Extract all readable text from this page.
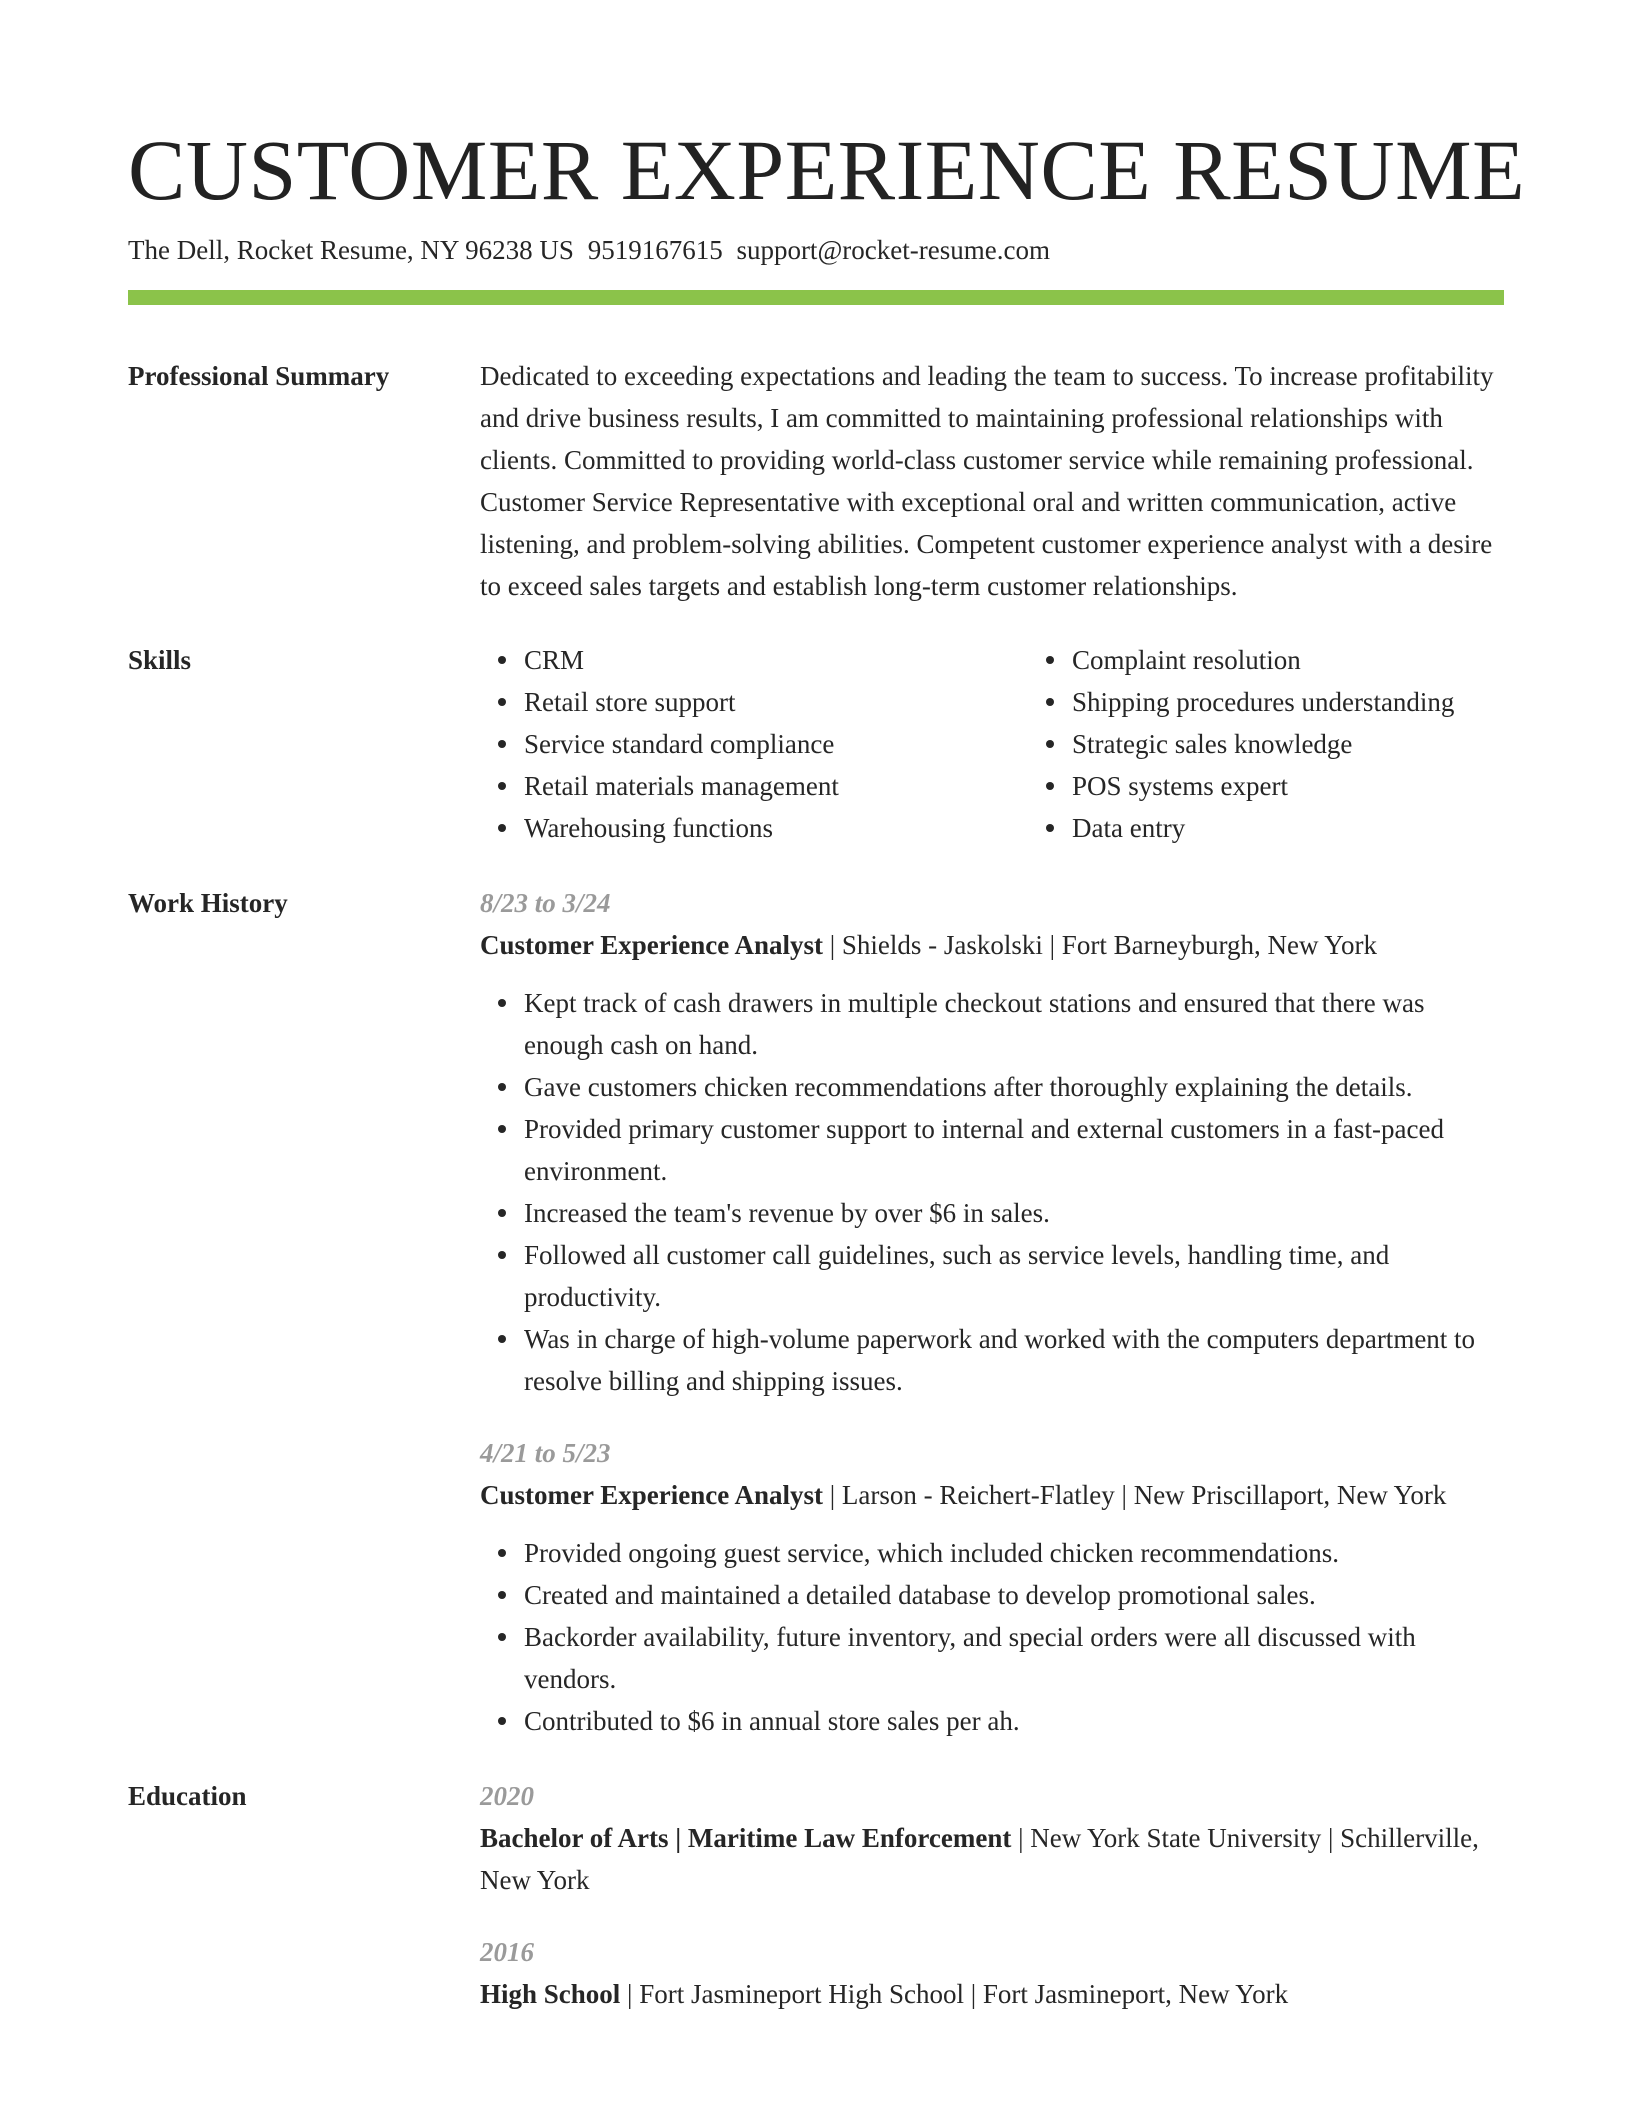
CUSTOMER EXPERIENCE RESUME
The Dell, Rocket Resume, NY 96238 US 9519167615 support@rocket-resume.com
Professional Summary	Dedicated to exceeding expectations and leading the team to success. To increase profitability and drive business results, I am committed to maintaining professional relationships with clients. Committed to providing world-class customer service while remaining professional. Customer Service Representative with exceptional oral and written communication, active listening, and problem-solving abilities. Competent customer experience analyst with a desire to exceed sales targets and establish long-term customer relationships.

Skills	CRM
Retail store support
Service standard compliance
Retail materials management
Warehousing functions
Complaint resolution
Shipping procedures understanding
Strategic sales knowledge
POS systems expert
Data entry
Work History	8/23 to 3/24
Customer Experience Analyst | Shields - Jaskolski | Fort Barneyburgh, New York
Kept track of cash drawers in multiple checkout stations and ensured that there was enough cash on hand.
Gave customers chicken recommendations after thoroughly explaining the details.
Provided primary customer support to internal and external customers in a fast-paced environment.
Increased the team's revenue by over $6 in sales.
Followed all customer call guidelines, such as service levels, handling time, and productivity.
Was in charge of high-volume paperwork and worked with the computers department to resolve billing and shipping issues.
4/21 to 5/23
Customer Experience Analyst | Larson - Reichert-Flatley | New Priscillaport, New York
Provided ongoing guest service, which included chicken recommendations.
Created and maintained a detailed database to develop promotional sales.
Backorder availability, future inventory, and special orders were all discussed with vendors.
Contributed to $6 in annual store sales per ah.
Education	2020
Bachelor of Arts | Maritime Law Enforcement | New York State University | Schillerville, New York
2016
High School | Fort Jasmineport High School | Fort Jasmineport, New York
